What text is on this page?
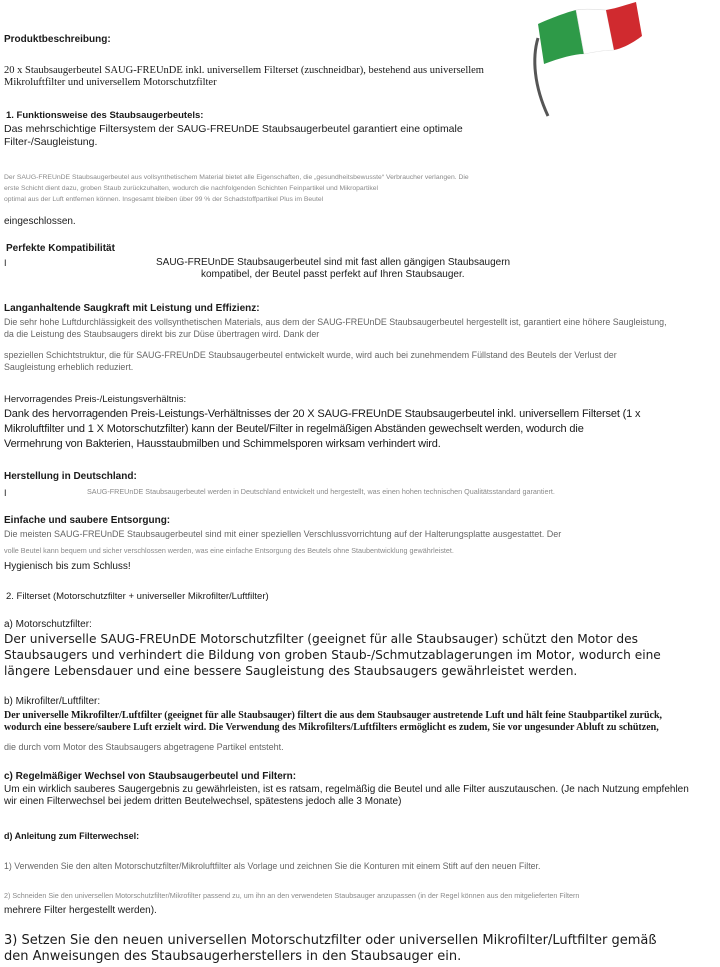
Produktbeschreibung:

20 x Staubsaugerbeutel SAUG-FREUnDE inkl. universellem Filterset (zuschneidbar), bestehend aus universellem

Mikroluftfilter und universellem Motorschutzfilter

1. Funktionsweise des Staubsaugerbeutels:

Das mehrschichtige Filtersystem der SAUG-FREUnDE Staubsaugerbeutel garantiert eine optimale

Filter-/Saugleistung.

Der SAUG-FREUnDE Staubsaugerbeutel aus vollsynthetischem Material bietet alle Eigenschaften, die „gesundheitsbewusste“ Verbraucher verlangen. Die

erste Schicht dient dazu, groben Staub zurückzuhalten, wodurch die nachfolgenden Schichten Feinpartikel und Mikropartikel

optimal aus der Luft entfernen können. Insgesamt bleiben über 99 % der Schadstoffpartikel Plus im Beutel

eingeschlossen.

Perfekte Kompatibilität

I	SAUG-FREUnDE Staubsaugerbeutel sind mit fast allen gängigen Staubsaugern

kompatibel, der Beutel passt perfekt auf Ihren Staubsauger.

Langanhaltende Saugkraft mit Leistung und Effizienz:

Die sehr hohe Luftdurchlässigkeit des vollsynthetischen Materials, aus dem der SAUG-FREUnDE Staubsaugerbeutel hergestellt ist, garantiert eine höhere Saugleistung,

da die Leistung des Staubsaugers direkt bis zur Düse übertragen wird. Dank der

speziellen Schichtstruktur, die für SAUG-FREUnDE Staubsaugerbeutel entwickelt wurde, wird auch bei zunehmendem Füllstand des Beutels der Verlust der

Saugleistung erheblich reduziert.

Hervorragendes Preis-/Leistungsverhältnis:

Dank des hervorragenden Preis-Leistungs-Verhältnisses der 20 X SAUG-FREUnDE Staubsaugerbeutel inkl. universellem Filterset (1 x

Mikroluftfilter und 1 X Motorschutzfilter) kann der Beutel/Filter in regelmäßigen Abständen gewechselt werden, wodurch die

Vermehrung von Bakterien, Hausstaubmilben und Schimmelsporen wirksam verhindert wird.

Herstellung in Deutschland:

I	SAUG-FREUnDE Staubsaugerbeutel werden in Deutschland entwickelt und hergestellt, was einen hohen technischen Qualitätsstandard garantiert.

Einfache und saubere Entsorgung:

Die meisten SAUG-FREUnDE Staubsaugerbeutel sind mit einer speziellen Verschlussvorrichtung auf der Halterungsplatte ausgestattet. Der

volle Beutel kann bequem und sicher verschlossen werden, was eine einfache Entsorgung des Beutels ohne Staubentwicklung gewährleistet.

Hygienisch bis zum Schluss!

2. Filterset (Motorschutzfilter + universeller Mikrofilter/Luftfilter)

a) Motorschutzfilter:

Der universelle SAUG-FREUnDE Motorschutzfilter (geeignet für alle Staubsauger) schützt den Motor des

Staubsaugers und verhindert die Bildung von groben Staub-/Schmutzablagerungen im Motor, wodurch eine

längere Lebensdauer und eine bessere Saugleistung des Staubsaugers gewährleistet werden.

b) Mikrofilter/Luftfilter:

Der universelle Mikrofilter/Luftfilter (geeignet für alle Staubsauger) filtert die aus dem Staubsauger austretende Luft und hält feine Staubpartikel zurück,

wodurch eine bessere/saubere Luft erzielt wird. Die Verwendung des Mikrofilters/Luftfilters ermöglicht es zudem, Sie vor ungesunder Abluft zu schützen,

die durch vom Motor des Staubsaugers abgetragene Partikel entsteht.

c) Regelmäßiger Wechsel von Staubsaugerbeutel und Filtern:

Um ein wirklich sauberes Saugergebnis zu gewährleisten, ist es ratsam, regelmäßig die Beutel und alle Filter auszutauschen. (Je nach Nutzung empfehlen

wir einen Filterwechsel bei jedem dritten Beutelwechsel, spätestens jedoch alle 3 Monate)

d) Anleitung zum Filterwechsel:

1) Verwenden Sie den alten Motorschutzfilter/Mikroluftfilter als Vorlage und zeichnen Sie die Konturen mit einem Stift auf den neuen Filter.

2) Schneiden Sie den universellen Motorschutzfilter/Mikrofilter passend zu, um ihn an den verwendeten Staubsauger anzupassen (in der Regel können aus den mitgelieferten Filtern

mehrere Filter hergestellt werden).

3) Setzen Sie den neuen universellen Motorschutzfilter oder universellen Mikrofilter/Luftfilter gemäß

den Anweisungen des Staubsaugerherstellers in den Staubsauger ein.
